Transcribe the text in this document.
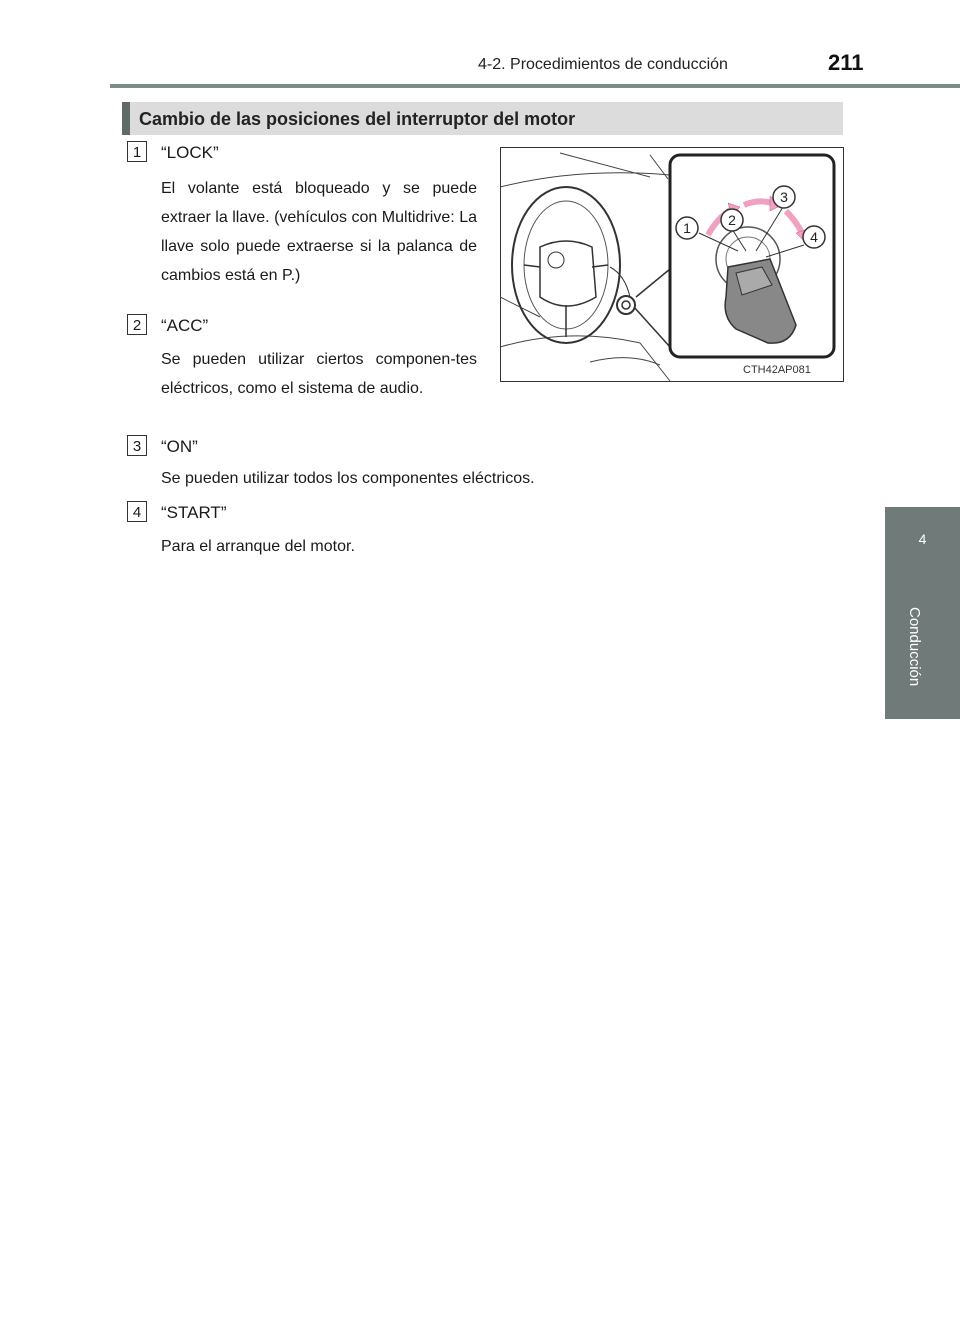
4-2. Procedimientos de conducción	211
4
Conducción
Cambio de las posiciones del interruptor del motor
1	“LOCK”
El volante está bloqueado y se puede extraer la llave. (vehículos con Multidrive: La llave solo puede extraerse si la palanca de cambios está en P.)
2	“ACC”
Se pueden utilizar ciertos componen-tes eléctricos, como el sistema de audio.
3	“ON”
Se pueden utilizar todos los componentes eléctricos.
4	“START”
Para el arranque del motor.
1	2
3
4
CTH42AP081
